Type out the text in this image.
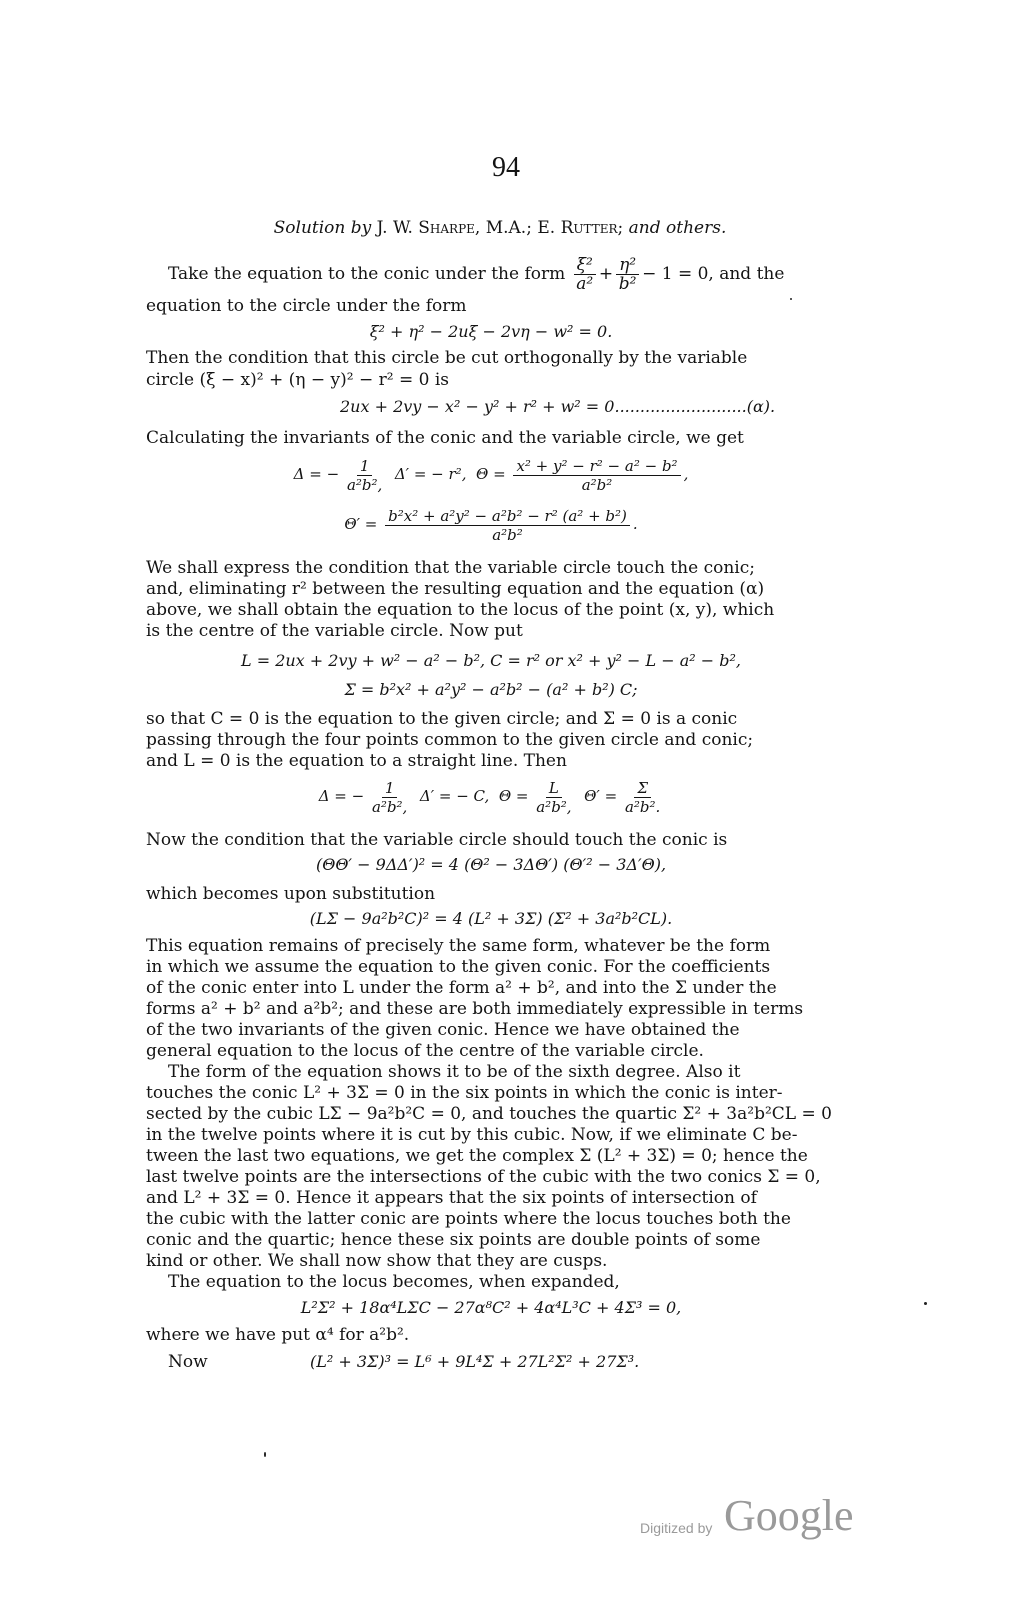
94
Solution by J. W. Sharpe, M.A.; E. Rutter; and others.
Take the equation to the conic under the form $\frac{\text{ξ²}}{\text{a²}} + \frac{\text{η²}}{\text{b²}} - 1 = 0$, and the
equation to the circle under the form
ξ² + η² − 2uξ − 2vη − w² = 0.
Then the condition that this circle be cut orthogonally by the variable
circle (ξ − x)² + (η − y)² − r² = 0 is
2ux + 2vy − x² − y² + r² + w² = 0..........................(α).
Calculating the invariants of the conic and the variable circle, we get
Δ = − $\frac{1}{\text{a²b²,}} \Delta'$ = − r², $\Theta = \frac{\text{x² + y² − r² − a² − b²}}{\text{a²b²}}$ ,
$\Theta' = \frac{\text{b²x² + a²y² − a²b² − r² (a² + b²)}}{\text{a²b²}}$ .
We shall express the condition that the variable circle touch the conic;
and, eliminating r² between the resulting equation and the equation (α)
above, we shall obtain the equation to the locus of the point (x, y), which
is the centre of the variable circle. Now put
L = 2ux + 2vy + w² − a² − b², C = r² or x² + y² − L − a² − b²,
Σ = b²x² + a²y² − a²b² − (a² + b²) C;
so that C = 0 is the equation to the given circle; and Σ = 0 is a conic
passing through the four points common to the given circle and conic;
and L = 0 is the equation to a straight line. Then
Δ = − $\frac{1}{\text{a²b²,}} \Delta'$ = − C, $\Theta = \frac{L}{\text{a²b²,}} \Theta' = \frac{\Sigma}{\text{a²b².}}$
Now the condition that the variable circle should touch the conic is
(ΘΘ′ − 9ΔΔ′)² = 4 (Θ² − 3ΔΘ′) (Θ′² − 3Δ′Θ),
which becomes upon substitution
(LΣ − 9a²b²C)² = 4 (L² + 3Σ) (Σ² + 3a²b²CL).
This equation remains of precisely the same form, whatever be the form
in which we assume the equation to the given conic. For the coefficients
of the conic enter into L under the form a² + b², and into the Σ under the
forms a² + b² and a²b²; and these are both immediately expressible in terms
of the two invariants of the given conic. Hence we have obtained the
general equation to the locus of the centre of the variable circle.
The form of the equation shows it to be of the sixth degree. Also it
touches the conic L² + 3Σ = 0 in the six points in which the conic is inter-
sected by the cubic LΣ − 9a²b²C = 0, and touches the quartic Σ² + 3a²b²CL = 0
in the twelve points where it is cut by this cubic. Now, if we eliminate C be-
tween the last two equations, we get the complex Σ (L² + 3Σ) = 0; hence the
last twelve points are the intersections of the cubic with the two conics Σ = 0,
and L² + 3Σ = 0. Hence it appears that the six points of intersection of
the cubic with the latter conic are points where the locus touches both the
conic and the quartic; hence these six points are double points of some
kind or other. We shall now show that they are cusps.
The equation to the locus becomes, when expanded,
L²Σ² + 18α⁴LΣC − 27α⁸C² + 4α⁴L³C + 4Σ³ = 0,
where we have put α⁴ for a²b².
Now	(L² + 3Σ)³ = L⁶ + 9L⁴Σ + 27L²Σ² + 27Σ³.
Digitized by Google
